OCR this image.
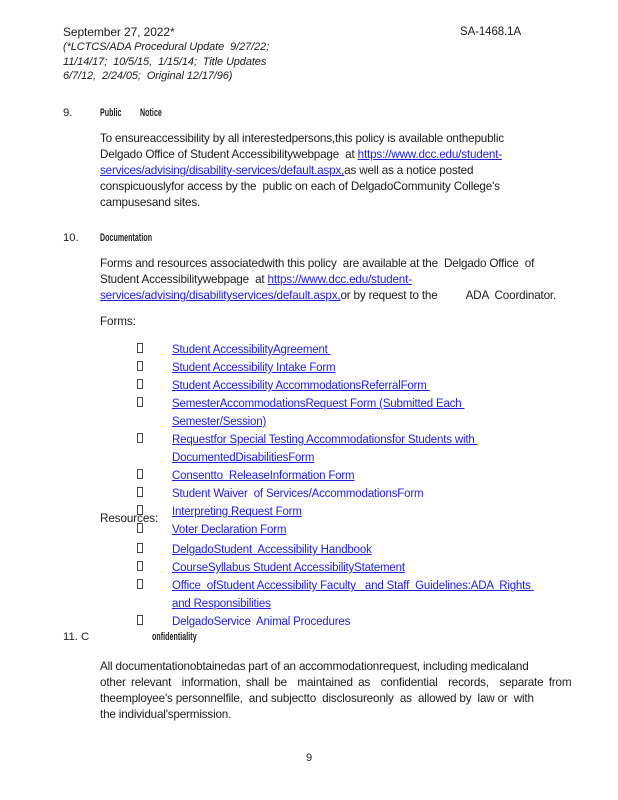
September 27, 2022*	SA-1468.1A
(*LCTCS/ADA Procedural Update  9/27/22;
11/14/17;  10/5/15,  1/15/14;  Title Updates
6/7/12,  2/24/05;  Original 12/17/96)
9.	Public Notice
To ensureaccessibility by all interestedpersons,this policy is available onthepublic
Delgado Office of Student Accessibilitywebpage  at https://www.dcc.edu/student-
services/advising/disability-services/default.aspx,as well as a notice posted
conspicuouslyfor access by the  public on each of DelgadoCommunity College's
campusesand sites.
10. Documentation
Forms and resources associatedwith this policy  are available at the  Delgado Office  of
Student Accessibilitywebpage  at https://www.dcc.edu/student-
services/advising/disabilityservices/default.aspx,or by request to the ADA  Coordinator.
Forms:
Student AccessibilityAgreement
Student Accessibility Intake Form
Student Accessibility AccommodationsReferralForm
SemesterAccommodationsRequest Form (Submitted Each
Semester/Session)
Requestfor Special Testing Accommodationsfor Students with
DocumentedDisabilitiesForm
Consentto  ReleaseInformation Form
Student Waiver  of Services/AccommodationsForm
Interpreting Request Form
Voter Declaration Form
Resources:
DelgadoStudent  Accessibility Handbook
CourseSyllabus Student AccessibilityStatement
Office  ofStudent Accessibility Faculty   and Staff  Guidelines:ADA  Rights
and Responsibilities
DelgadoService  Animal Procedures
11. C	onfidentiality
All documentationobtainedas part of an accommodationrequest, including medicaland
other relevant  information, shall be  maintained as  confidential  records,  separate from
theemployee's personnelfile,  and subjectto  disclosureonly  as  allowed by  law or  with
the individual'spermission.
9
